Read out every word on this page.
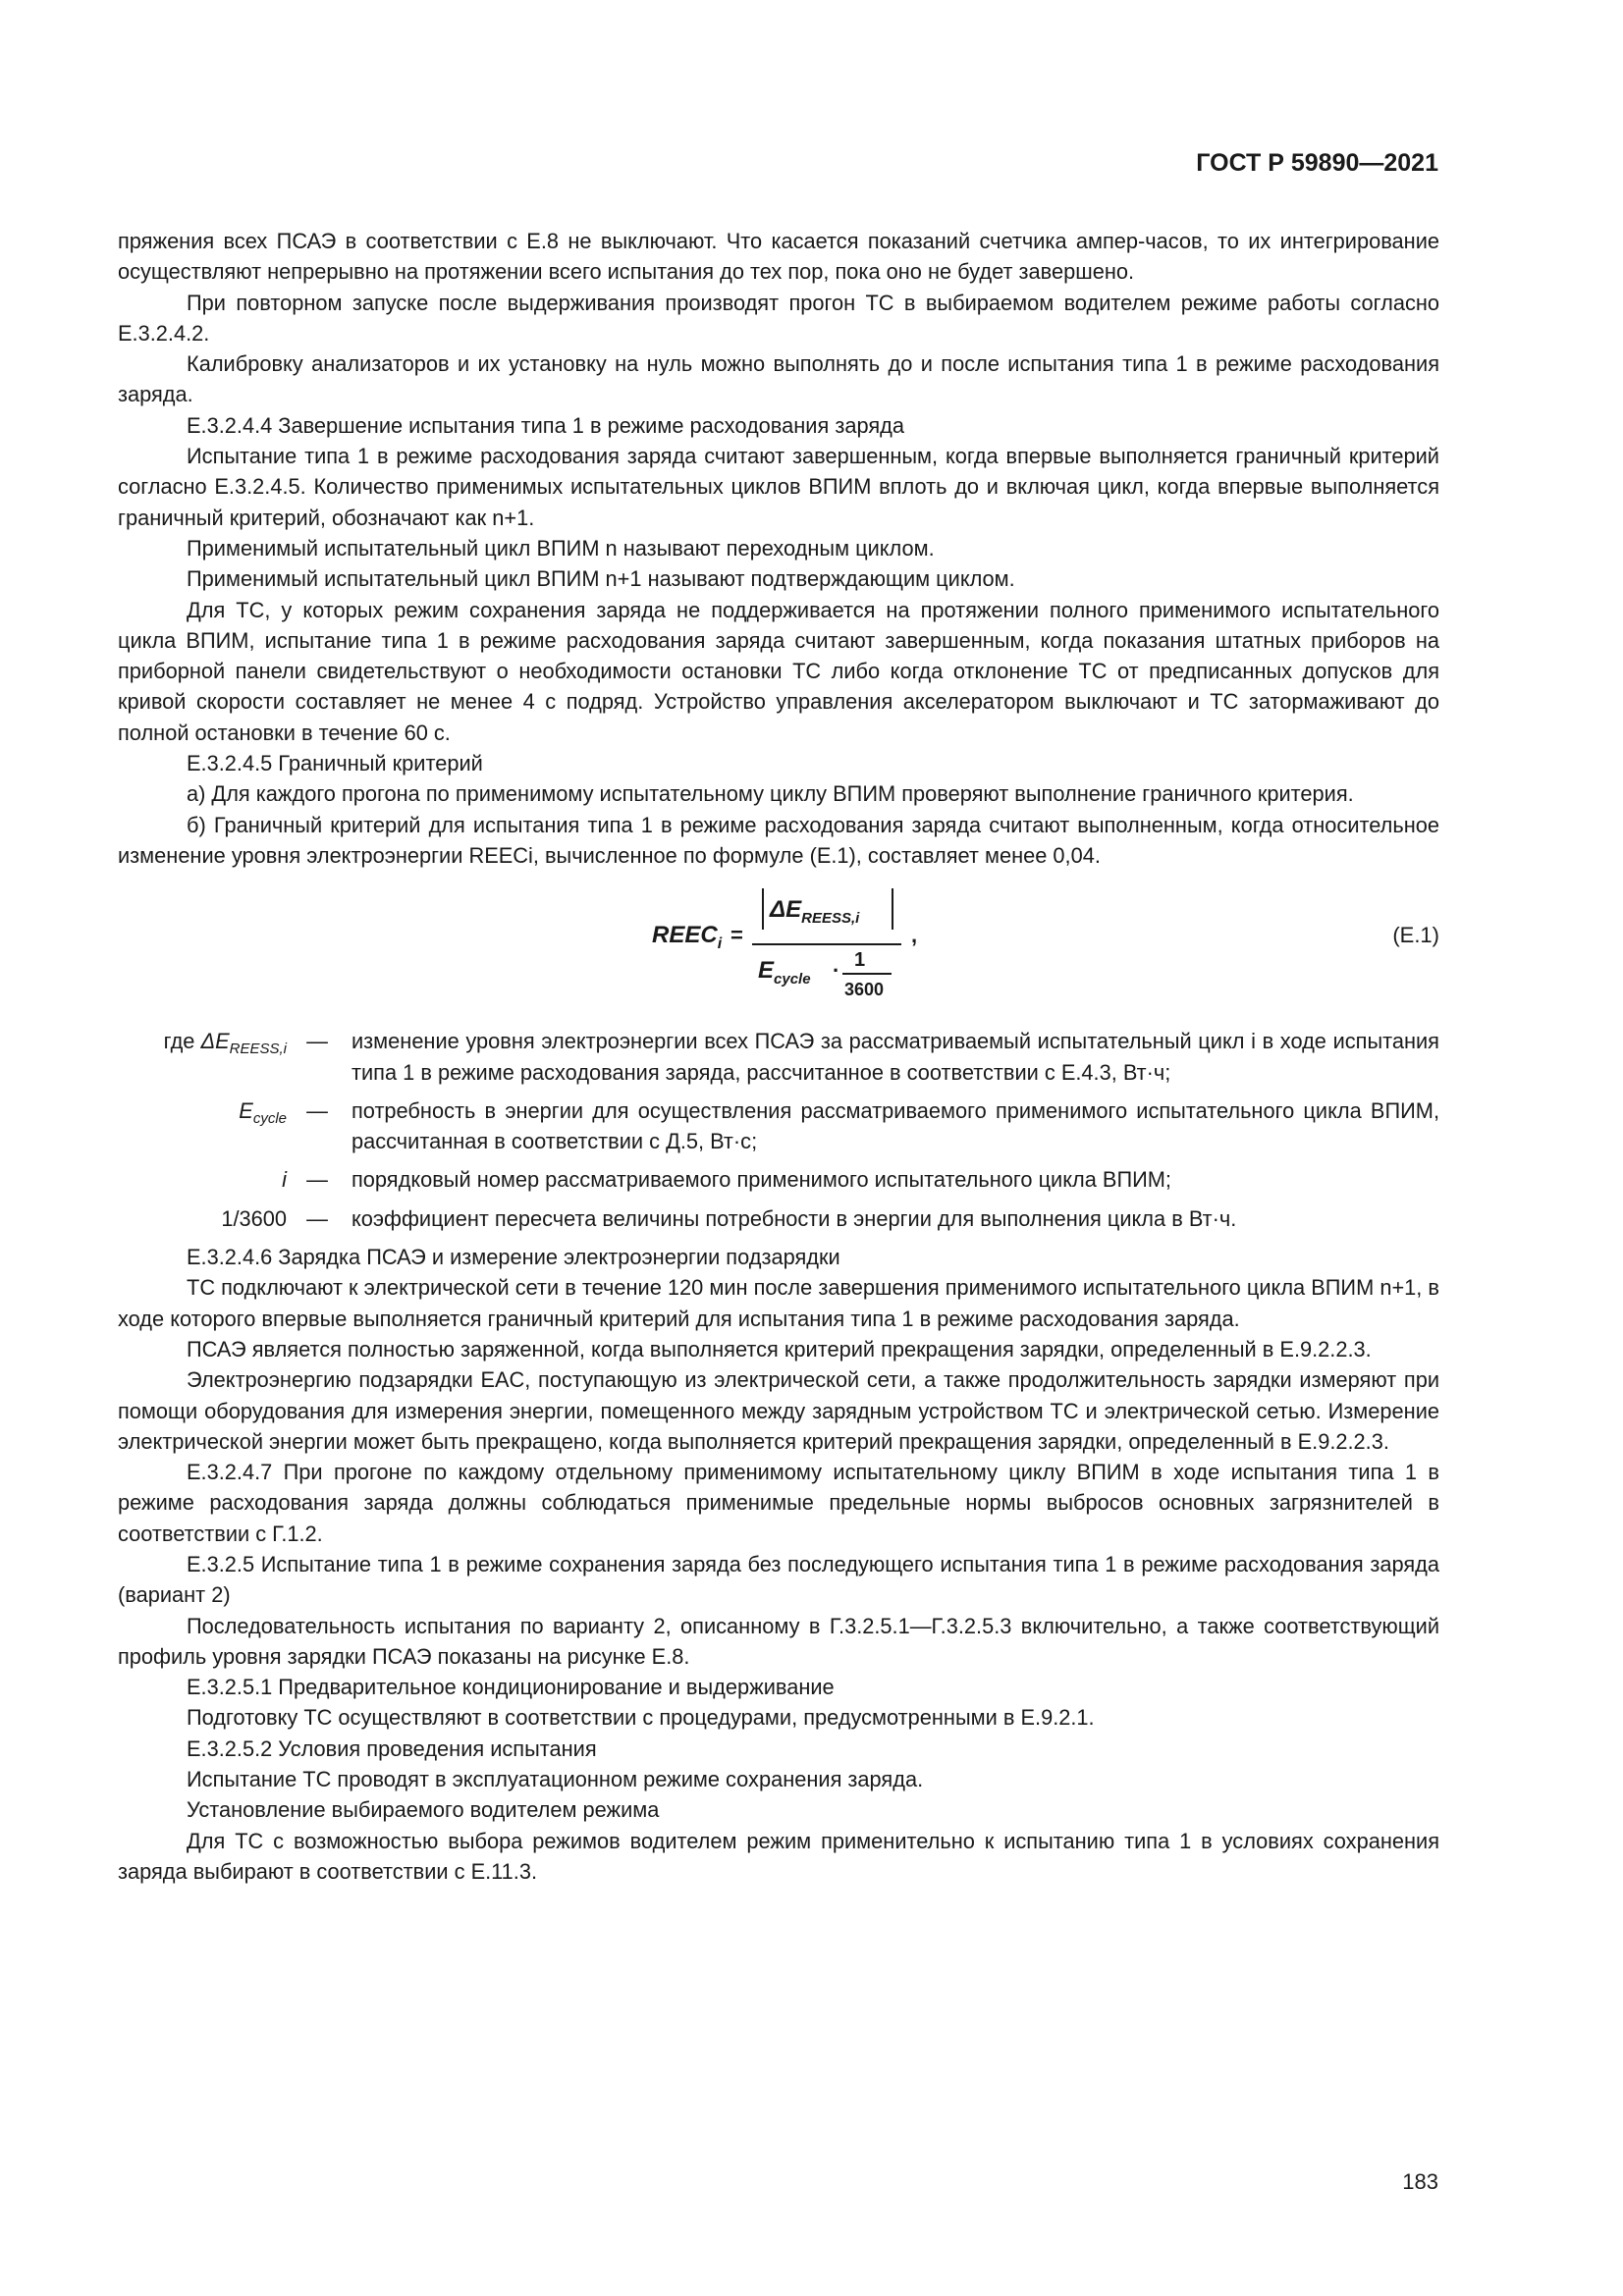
ГОСТ Р 59890—2021

пряжения всех ПСАЭ в соответствии с Е.8 не выключают. Что касается показаний счетчика ампер-часов, то их интегрирование осуществляют непрерывно на протяжении всего испытания до тех пор, пока оно не будет завершено.

При повторном запуске после выдерживания производят прогон ТС в выбираемом водителем режиме работы согласно Е.3.2.4.2.

Калибровку анализаторов и их установку на нуль можно выполнять до и после испытания типа 1 в режиме расходования заряда.

Е.3.2.4.4 Завершение испытания типа 1 в режиме расходования заряда

Испытание типа 1 в режиме расходования заряда считают завершенным, когда впервые выполняется граничный критерий согласно Е.3.2.4.5. Количество применимых испытательных циклов ВПИМ вплоть до и включая цикл, когда впервые выполняется граничный критерий, обозначают как n+1.

Применимый испытательный цикл ВПИМ n называют переходным циклом.

Применимый испытательный цикл ВПИМ n+1 называют подтверждающим циклом.

Для ТС, у которых режим сохранения заряда не поддерживается на протяжении полного применимого испытательного цикла ВПИМ, испытание типа 1 в режиме расходования заряда считают завершенным, когда показания штатных приборов на приборной панели свидетельствуют о необходимости остановки ТС либо когда отклонение ТС от предписанных допусков для кривой скорости составляет не менее 4 с подряд. Устройство управления акселератором выключают и ТС затормаживают до полной остановки в течение 60 с.

Е.3.2.4.5 Граничный критерий

а) Для каждого прогона по применимому испытательному циклу ВПИМ проверяют выполнение граничного критерия.

б) Граничный критерий для испытания типа 1 в режиме расходования заряда считают выполненным, когда относительное изменение уровня электроэнергии REECi, вычисленное по формуле (Е.1), составляет менее 0,04.

$REEC_i$ =
$\Delta E_{REESS,i}$
$E_{cycle} \cdot 1$
3600
,	(Е.1)
где $\Delta E_{REESS,i}$ —	изменение уровня электроэнергии всех ПСАЭ за рассматриваемый испытательный цикл i в ходе испытания типа 1 в режиме расходования заряда, рассчитанное в соответствии с Е.4.3, Вт·ч;
$E_{cycle}$ —	потребность в энергии для осуществления рассматриваемого применимого испытательного цикла ВПИМ, рассчитанная в соответствии с Д.5, Вт·с;
i —	порядковый номер рассматриваемого применимого испытательного цикла ВПИМ;
1/3600 —	коэффициент пересчета величины потребности в энергии для выполнения цикла в Вт·ч.

Е.3.2.4.6 Зарядка ПСАЭ и измерение электроэнергии подзарядки

ТС подключают к электрической сети в течение 120 мин после завершения применимого испытательного цикла ВПИМ n+1, в ходе которого впервые выполняется граничный критерий для испытания типа 1 в режиме расходования заряда.

ПСАЭ является полностью заряженной, когда выполняется критерий прекращения зарядки, определенный в Е.9.2.2.3.

Электроэнергию подзарядки EAC, поступающую из электрической сети, а также продолжительность зарядки измеряют при помощи оборудования для измерения энергии, помещенного между зарядным устройством ТС и электрической сетью. Измерение электрической энергии может быть прекращено, когда выполняется критерий прекращения зарядки, определенный в Е.9.2.2.3.

Е.3.2.4.7 При прогоне по каждому отдельному применимому испытательному циклу ВПИМ в ходе испытания типа 1 в режиме расходования заряда должны соблюдаться применимые предельные нормы выбросов основных загрязнителей в соответствии с Г.1.2.

Е.3.2.5 Испытание типа 1 в режиме сохранения заряда без последующего испытания типа 1 в режиме расходования заряда (вариант 2)

Последовательность испытания по варианту 2, описанному в Г.3.2.5.1—Г.3.2.5.3 включительно, а также соответствующий профиль уровня зарядки ПСАЭ показаны на рисунке Е.8.

Е.3.2.5.1 Предварительное кондиционирование и выдерживание

Подготовку ТС осуществляют в соответствии с процедурами, предусмотренными в Е.9.2.1.

Е.3.2.5.2 Условия проведения испытания

Испытание ТС проводят в эксплуатационном режиме сохранения заряда.

Установление выбираемого водителем режима

Для ТС с возможностью выбора режимов водителем режим применительно к испытанию типа 1 в условиях сохранения заряда выбирают в соответствии с Е.11.3.

183
